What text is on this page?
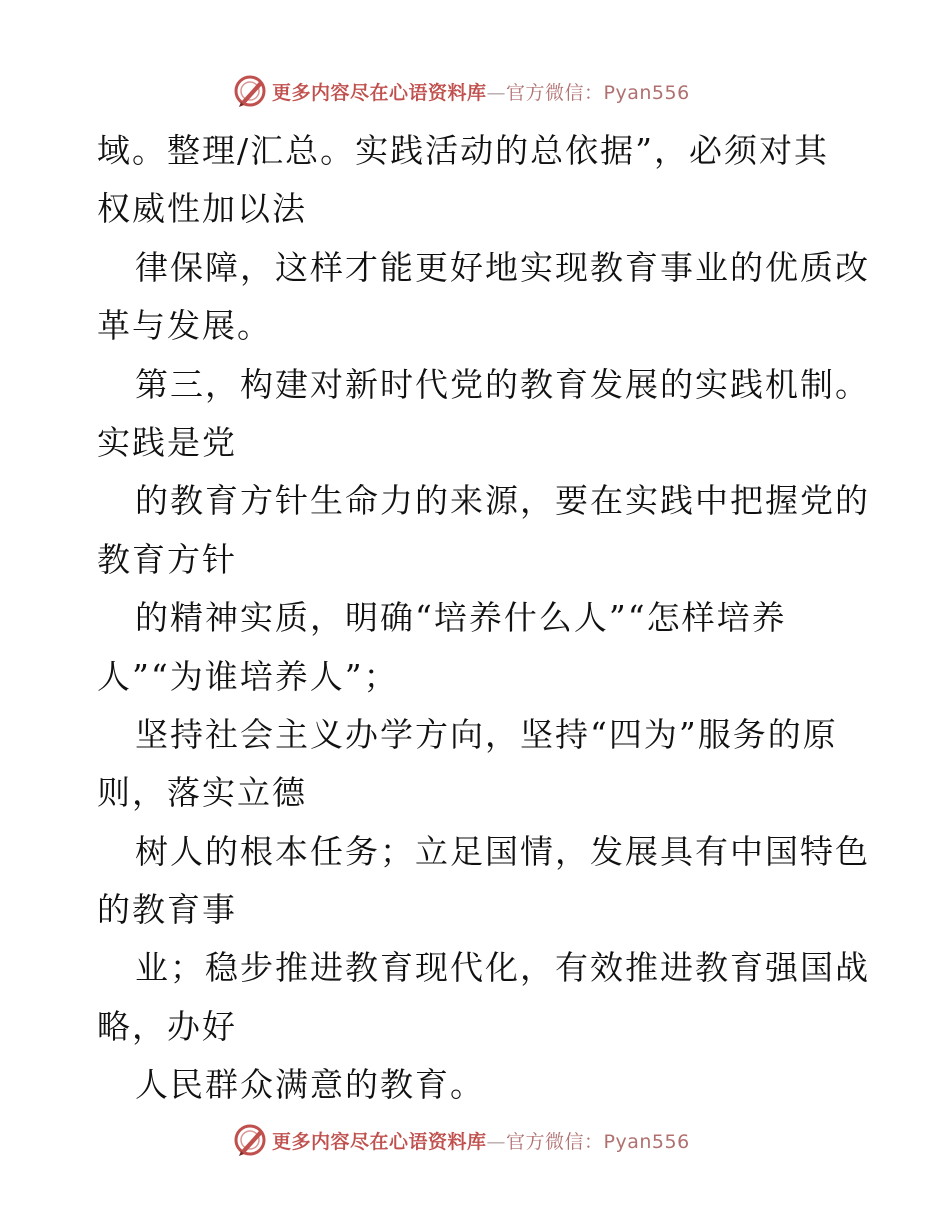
更多内容尽在心语资料库—官方微信：Pyan556
域。整理/汇总。实践活动的总依据”，必须对其
权威性加以法
律保障，这样才能更好地实现教育事业的优质改
革与发展。
第三，构建对新时代党的教育发展的实践机制。
实践是党
的教育方针生命力的来源，要在实践中把握党的
教育方针
的精神实质，明确“培养什么人”“怎样培养
人”“为谁培养人”；
坚持社会主义办学方向，坚持“四为”服务的原
则，落实立德
树人的根本任务；立足国情，发展具有中国特色
的教育事
业；稳步推进教育现代化，有效推进教育强国战
略，办好
人民群众满意的教育。
更多内容尽在心语资料库—官方微信：Pyan556
